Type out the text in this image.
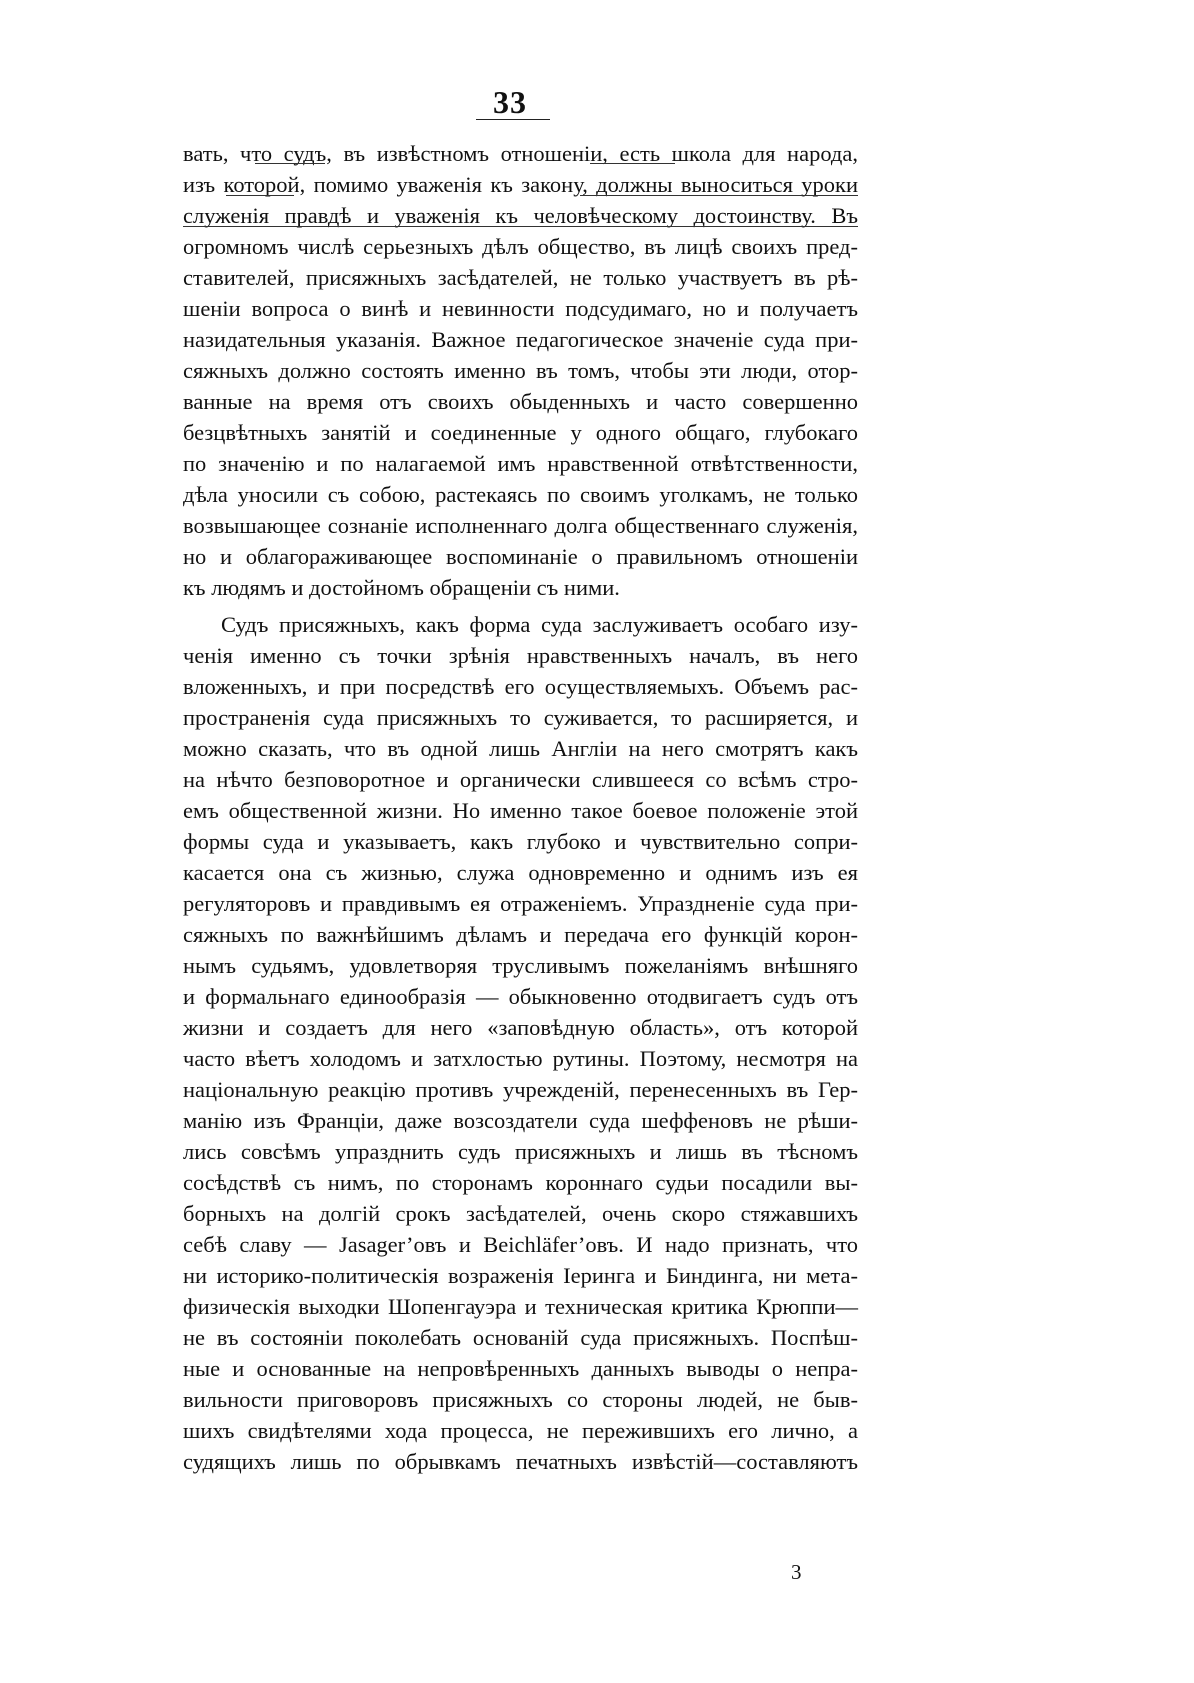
33
вать, что судъ, въ извѣстномъ отношеніи, есть школа для народа,
изъ которой, помимо уваженія къ закону, должны выноситься уроки
служенія правдѣ и уваженія къ человѣческому достоинству. Въ
огромномъ числѣ серьезныхъ дѣлъ общество, въ лицѣ своихъ пред-
ставителей, присяжныхъ засѣдателей, не только участвуетъ въ рѣ-
шеніи вопроса о винѣ и невинности подсудимаго, но и получаетъ
назидательныя указанія. Важное педагогическое значеніе суда при-
сяжныхъ должно состоять именно въ томъ, чтобы эти люди, отор-
ванные на время отъ своихъ обыденныхъ и часто совершенно
безцвѣтныхъ занятій и соединенные у одного общаго, глубокаго
по значенію и по налагаемой имъ нравственной отвѣтственности,
дѣла уносили съ собою, растекаясь по своимъ уголкамъ, не только
возвышающее сознаніе исполненнаго долга общественнаго служенія,
но и облагораживающее воспоминаніе о правильномъ отношеніи
къ людямъ и достойномъ обращеніи съ ними.
Судъ присяжныхъ, какъ форма суда заслуживаетъ особаго изу-
ченія именно съ точки зрѣнія нравственныхъ началъ, въ него
вложенныхъ, и при посредствѣ его осуществляемыхъ. Объемъ рас-
пространенія суда присяжныхъ то суживается, то расширяется, и
можно сказать, что въ одной лишь Англіи на него смотрятъ какъ
на нѣчто безповоротное и органически слившееся со всѣмъ стро-
емъ общественной жизни. Но именно такое боевое положеніе этой
формы суда и указываетъ, какъ глубоко и чувствительно сопри-
касается она съ жизнью, служа одновременно и однимъ изъ ея
регуляторовъ и правдивымъ ея отраженіемъ. Упраздненіе суда при-
сяжныхъ по важнѣйшимъ дѣламъ и передача его функцій корон-
нымъ судьямъ, удовлетворяя трусливымъ пожеланіямъ внѣшняго
и формальнаго единообразія — обыкновенно отодвигаетъ судъ отъ
жизни и создаетъ для него «заповѣдную область», отъ которой
часто вѣетъ холодомъ и затхлостью рутины. Поэтому, несмотря на
національную реакцію противъ учрежденій, перенесенныхъ въ Гер-
манію изъ Франціи, даже возсоздатели суда шеффеновъ не рѣши-
лись совсѣмъ упразднить судъ присяжныхъ и лишь въ тѣсномъ
сосѣдствѣ съ нимъ, по сторонамъ короннаго судьи посадили вы-
борныхъ на долгій срокъ засѣдателей, очень скоро стяжавшихъ
себѣ славу — Jasager’овъ и Beichläfer’овъ. И надо признать, что
ни историко-политическія возраженія Іеринга и Биндинга, ни мета-
физическія выходки Шопенгауэра и техническая критика Крюппи—
не въ состояніи поколебать основаній суда присяжныхъ. Поспѣш-
ные и основанные на непровѣренныхъ данныхъ выводы о непра-
вильности приговоровъ присяжныхъ со стороны людей, не быв-
шихъ свидѣтелями хода процесса, не пережившихъ его лично, а
судящихъ лишь по обрывкамъ печатныхъ извѣстій—составляютъ
3
